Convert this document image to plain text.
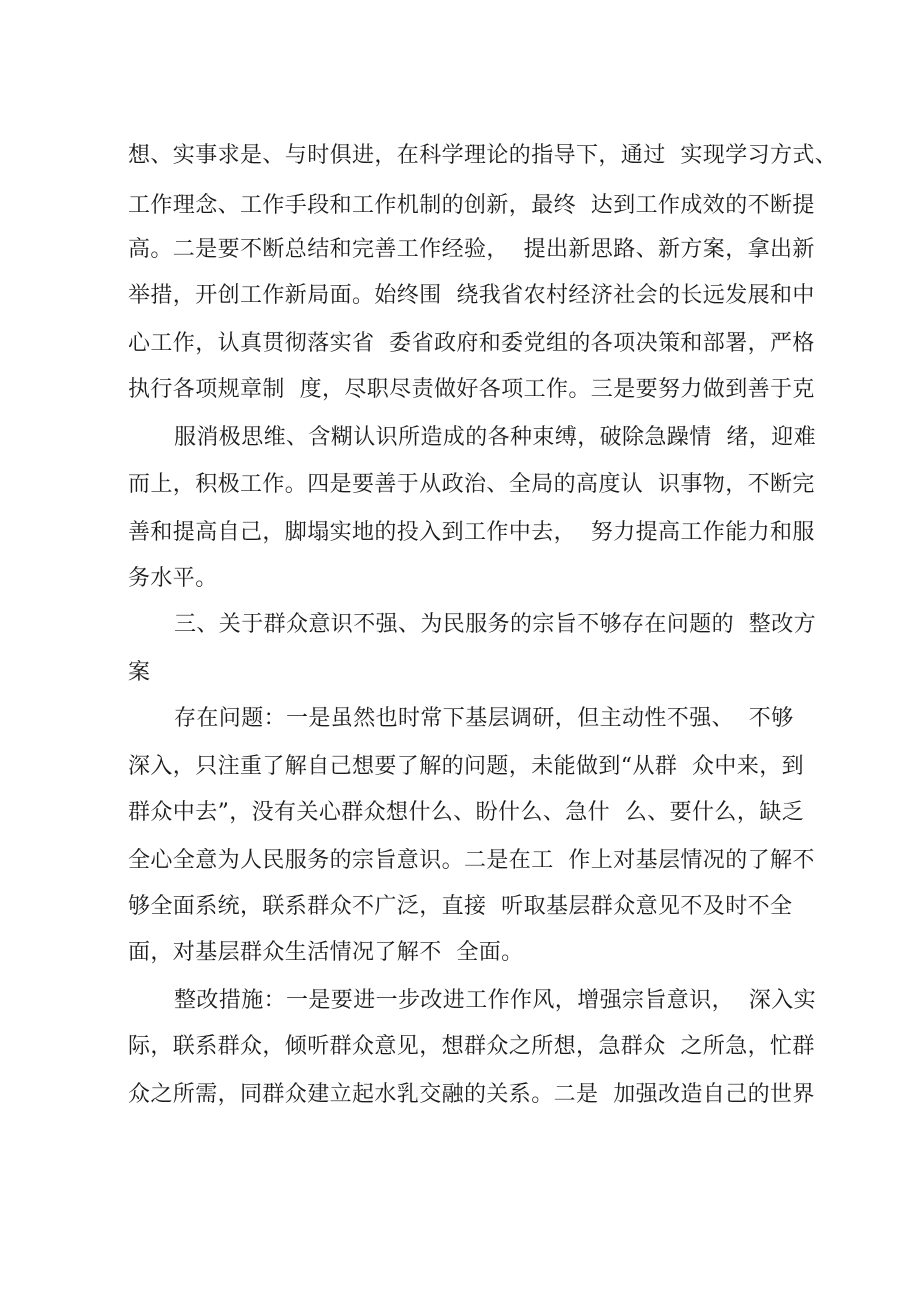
想、实事求是、与时俱进，在科学理论的指导下，通过  实现学习方式、
工作理念、工作手段和工作机制的创新，最终  达到工作成效的不断提
高。二是要不断总结和完善工作经验，  提出新思路、新方案，拿出新
举措，开创工作新局面。始终围  绕我省农村经济社会的长远发展和中
心工作，认真贯彻落实省  委省政府和委党组的各项决策和部署，严格
执行各项规章制  度，尽职尽责做好各项工作。三是要努力做到善于克
服消极思维、含糊认识所造成的各种束缚，破除急躁情  绪，迎难
而上，积极工作。四是要善于从政治、全局的高度认  识事物，不断完
善和提高自己，脚塌实地的投入到工作中去，  努力提高工作能力和服
务水平。
三、关于群众意识不强、为民服务的宗旨不够存在问题的  整改方
案
存在问题：一是虽然也时常下基层调研，但主动性不强、  不够
深入，只注重了解自己想要了解的问题，未能做到“从群  众中来，到
群众中去”，没有关心群众想什么、盼什么、急什  么、要什么，缺乏
全心全意为人民服务的宗旨意识。二是在工  作上对基层情况的了解不
够全面系统，联系群众不广泛，直接  听取基层群众意见不及时不全
面，对基层群众生活情况了解不  全面。
整改措施：一是要进一步改进工作作风，增强宗旨意识，  深入实
际，联系群众，倾听群众意见，想群众之所想，急群众  之所急，忙群
众之所需，同群众建立起水乳交融的关系。二是  加强改造自己的世界
